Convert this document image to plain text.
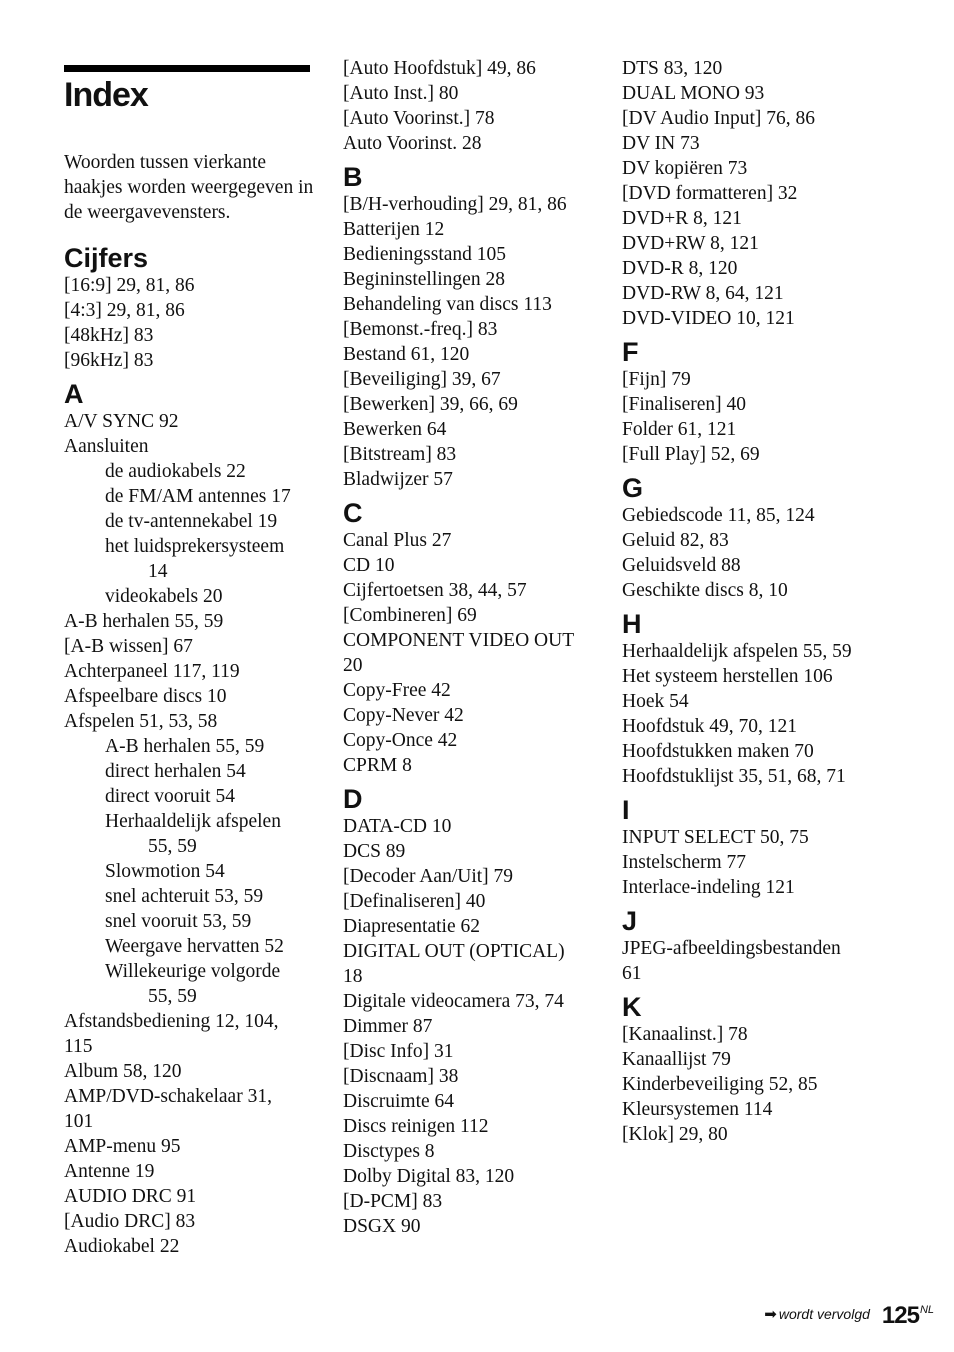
Index
Woorden tussen vierkante haakjes worden weergegeven in de weergavevensters.
Cijfers
[16:9] 29, 81, 86
[4:3] 29, 81, 86
[48kHz] 83
[96kHz] 83
A
A/V SYNC 92
Aansluiten
de audiokabels 22
de FM/AM antennes 17
de tv-antennekabel 19
het luidsprekersysteem
14
videokabels 20
A-B herhalen 55, 59
[A-B wissen] 67
Achterpaneel 117, 119
Afspeelbare discs 10
Afspelen 51, 53, 58
A-B herhalen 55, 59
direct herhalen 54
direct vooruit 54
Herhaaldelijk afspelen
55, 59
Slowmotion 54
snel achteruit 53, 59
snel vooruit 53, 59
Weergave hervatten 52
Willekeurige volgorde
55, 59
Afstandsbediening 12, 104,
115
Album 58, 120
AMP/DVD-schakelaar 31,
101
AMP-menu 95
Antenne 19
AUDIO DRC 91
[Audio DRC] 83
Audiokabel 22
[Auto Hoofdstuk] 49, 86
[Auto Inst.] 80
[Auto Voorinst.] 78
Auto Voorinst. 28
B
[B/H-verhouding] 29, 81, 86
Batterijen 12
Bedieningsstand 105
Begininstellingen 28
Behandeling van discs 113
[Bemonst.-freq.] 83
Bestand 61, 120
[Beveiliging] 39, 67
[Bewerken] 39, 66, 69
Bewerken 64
[Bitstream] 83
Bladwijzer 57
C
Canal Plus 27
CD 10
Cijfertoetsen 38, 44, 57
[Combineren] 69
COMPONENT VIDEO OUT
20
Copy-Free 42
Copy-Never 42
Copy-Once 42
CPRM 8
D
DATA-CD 10
DCS 89
[Decoder Aan/Uit] 79
[Definaliseren] 40
Diapresentatie 62
DIGITAL OUT (OPTICAL)
18
Digitale videocamera 73, 74
Dimmer 87
[Disc Info] 31
[Discnaam] 38
Discruimte 64
Discs reinigen 112
Disctypes 8
Dolby Digital 83, 120
[D-PCM] 83
DSGX 90
DTS 83, 120
DUAL MONO 93
[DV Audio Input] 76, 86
DV IN 73
DV kopiëren 73
[DVD formatteren] 32
DVD+R 8, 121
DVD+RW 8, 121
DVD-R 8, 120
DVD-RW 8, 64, 121
DVD-VIDEO 10, 121
F
[Fijn] 79
[Finaliseren] 40
Folder 61, 121
[Full Play] 52, 69
G
Gebiedscode 11, 85, 124
Geluid 82, 83
Geluidsveld 88
Geschikte discs 8, 10
H
Herhaaldelijk afspelen 55, 59
Het systeem herstellen 106
Hoek 54
Hoofdstuk 49, 70, 121
Hoofdstukken maken 70
Hoofdstuklijst 35, 51, 68, 71
I
INPUT SELECT 50, 75
Instelscherm 77
Interlace-indeling 121
J
JPEG-afbeeldingsbestanden
61
K
[Kanaalinst.] 78
Kanaallijst 79
Kinderbeveiliging 52, 85
Kleursystemen 114
[Klok] 29, 80
➡ wordt vervolgd 125 NL
